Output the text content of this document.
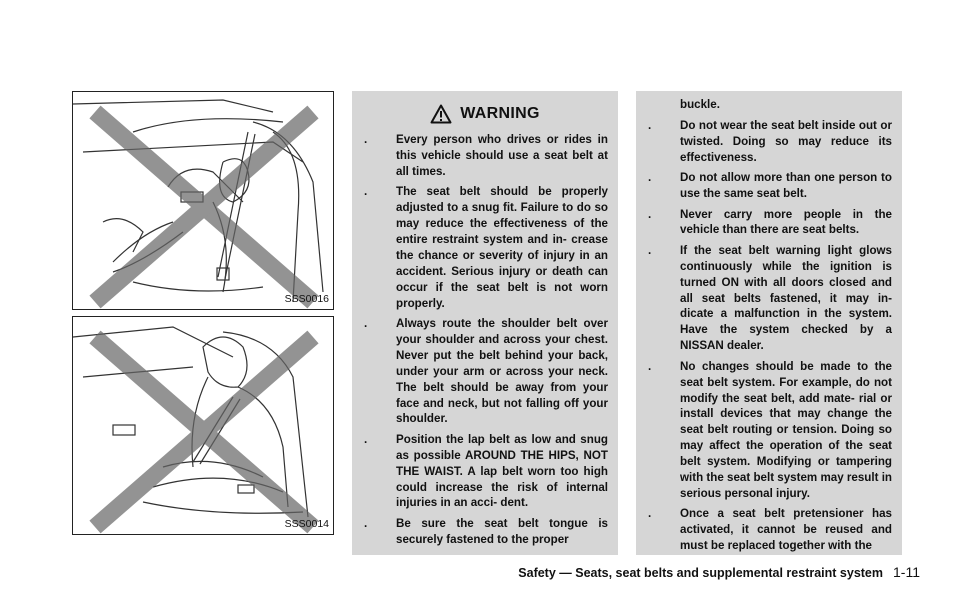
SSS0016
SSS0014
WARNING
. Every person who drives or rides in this vehicle should use a seat belt at all times.
. The seat belt should be properly adjusted to a snug fit. Failure to do so may reduce the effectiveness of the entire restraint system and in- crease the chance or severity of injury in an accident. Serious injury or death can occur if the seat belt is not worn properly.
. Always route the shoulder belt over your shoulder and across your chest. Never put the belt behind your back, under your arm or across your neck. The belt should be away from your face and neck, but not falling off your shoulder.
. Position the lap belt as low and snug as possible AROUND THE HIPS, NOT THE WAIST. A lap belt worn too high could increase the risk of internal injuries in an acci- dent.
. Be sure the seat belt tongue is securely fastened to the proper
buckle.
. Do not wear the seat belt inside out or twisted. Doing so may reduce its effectiveness.
. Do not allow more than one person to use the same seat belt.
. Never carry more people in the vehicle than there are seat belts.
. If the seat belt warning light glows continuously while the ignition is turned ON with all doors closed and all seat belts fastened, it may in- dicate a malfunction in the system. Have the system checked by a NISSAN dealer.
. No changes should be made to the seat belt system. For example, do not modify the seat belt, add mate- rial or install devices that may change the seat belt routing or tension. Doing so may affect the operation of the seat belt system. Modifying or tampering with the seat belt system may result in serious personal injury.
. Once a seat belt pretensioner has activated, it cannot be reused and must be replaced together with the
Safety — Seats, seat belts and supplemental restraint system 1-11
